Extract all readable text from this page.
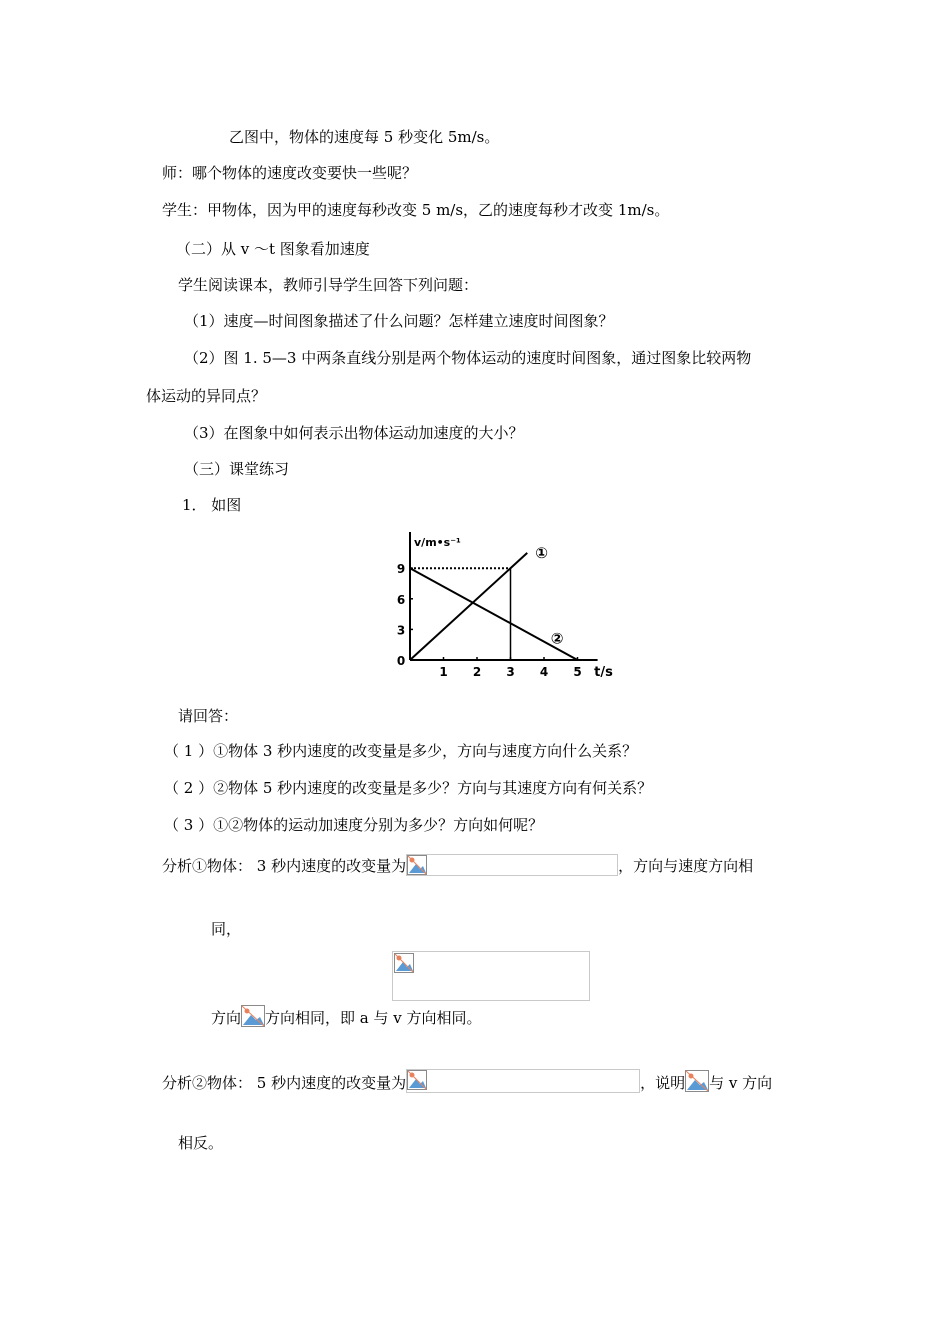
乙图中，物体的速度每 5 秒变化 5m/s。
师：哪个物体的速度改变要快一些呢？
学生：甲物体，因为甲的速度每秒改变 5 m/s，乙的速度每秒才改变 1m/s。
（二）从 v ～t 图象看加速度
学生阅读课本，教师引导学生回答下列问题：
（1）速度—时间图象描述了什么问题？怎样建立速度时间图象？
（2）图 1. 5—3 中两条直线分别是两个物体运动的速度时间图象，通过图象比较两物
体运动的异同点？
（3）在图象中如何表示出物体运动加速度的大小？
（三）课堂练习
1． 如图
1 2 3 4 5
0
3
6
9
v/m•s⁻¹
t/s
①
②
请回答：
（ 1 ）①物体 3 秒内速度的改变量是多少，方向与速度方向什么关系？
（ 2 ）②物体 5 秒内速度的改变量是多少？方向与其速度方向有何关系？
（ 3 ）①②物体的运动加速度分别为多少？方向如何呢？
分析①物体： 3 秒内速度的改变量为	，方向与速度方向相
同，
方向 方向相同，即 a 与 v 方向相同。
分析②物体： 5 秒内速度的改变量为	，说明 与 v 方向
相反。
